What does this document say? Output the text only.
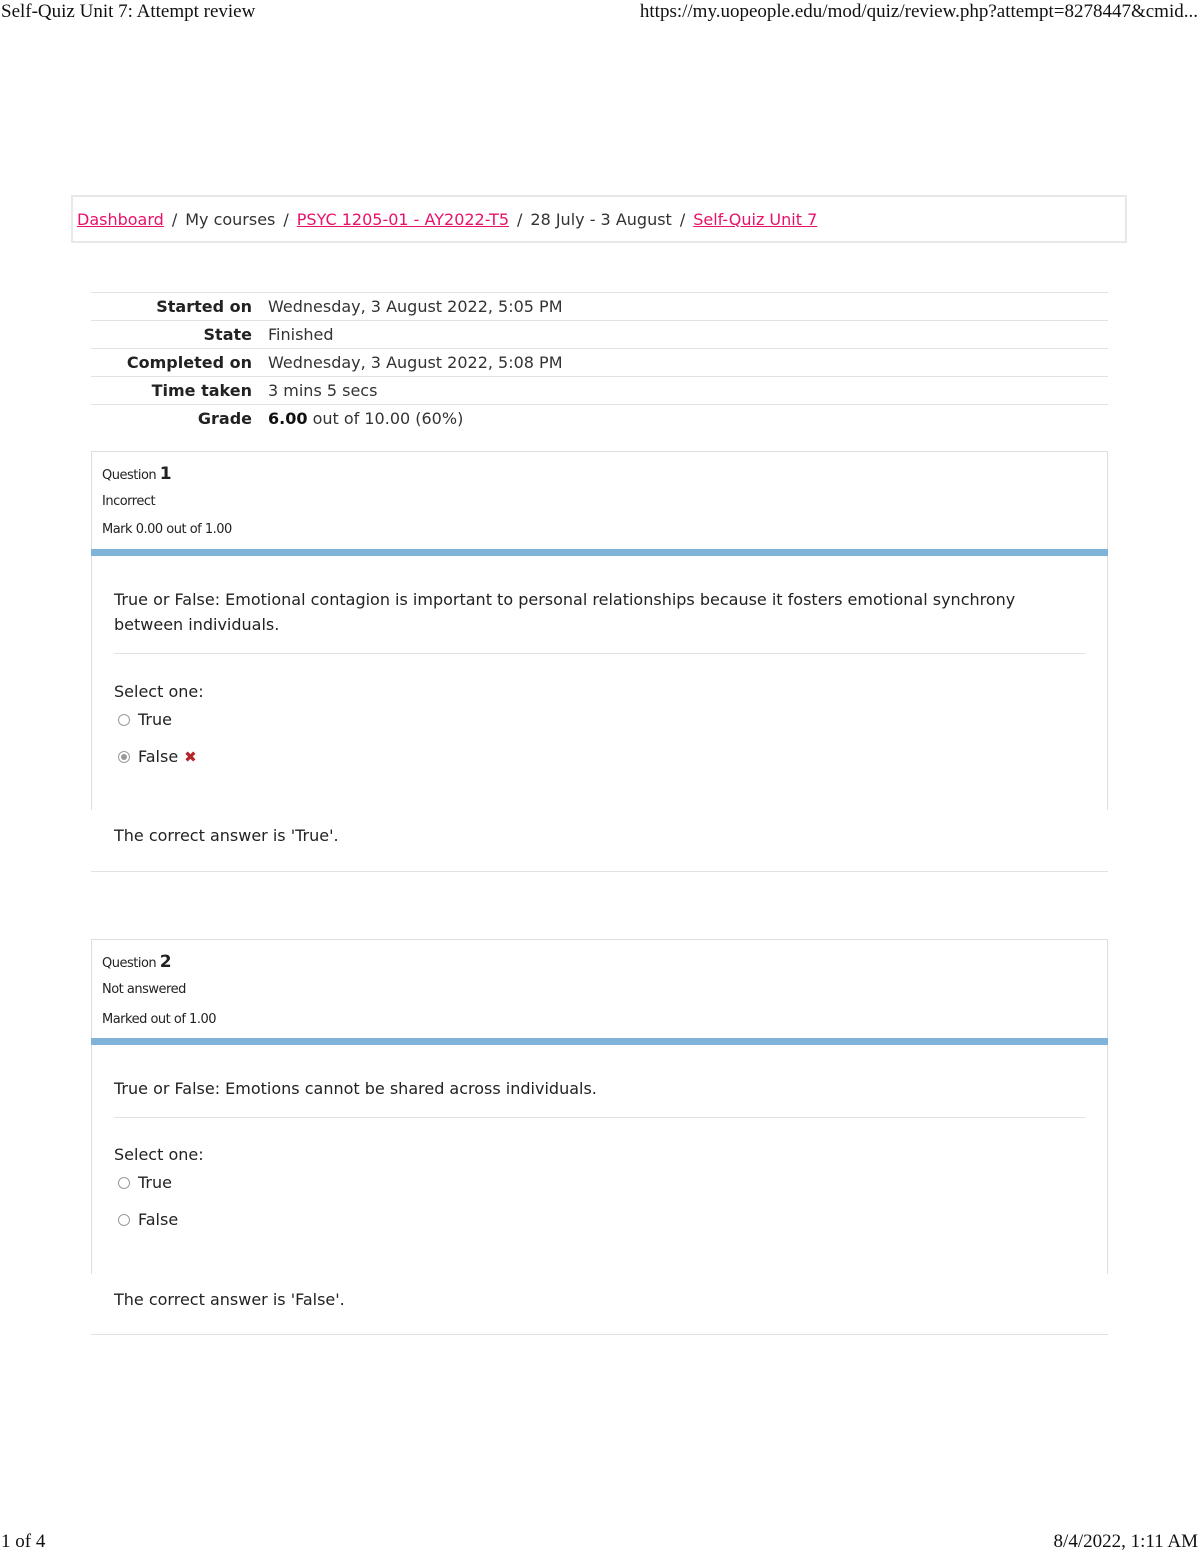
Self-Quiz Unit 7: Attempt review	https://my.uopeople.edu/mod/quiz/review.php?attempt=8278447&cmid...
Dashboard / My courses / PSYC 1205-01 - AY2022-T5 / 28 July - 3 August / Self-Quiz Unit 7
Started on	Wednesday, 3 August 2022, 5:05 PM
State	Finished
Completed on	Wednesday, 3 August 2022, 5:08 PM
Time taken	3 mins 5 secs
Grade	6.00 out of 10.00 (60%)
Question 1
Incorrect
Mark 0.00 out of 1.00
True or False: Emotional contagion is important to personal relationships because it fosters emotional synchrony between individuals.
Select one:
True
False ✖
The correct answer is 'True'.
Question 2
Not answered
Marked out of 1.00
True or False: Emotions cannot be shared across individuals.
Select one:
True
False
The correct answer is 'False'.
1 of 4	8/4/2022, 1:11 AM
